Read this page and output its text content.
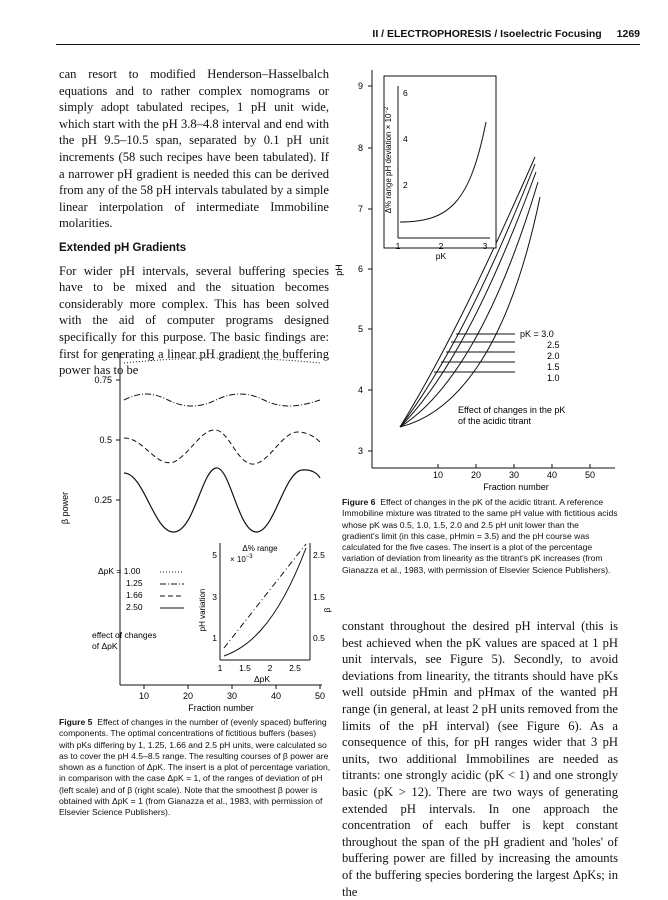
II / ELECTROPHORESIS / Isoelectric Focusing 1269

can resort to modified Henderson–Hasselbalch equations and to rather complex nomograms or simply adopt tabulated recipes, 1 pH unit wide, which start with the pH 3.8–4.8 interval and end with the pH 9.5–10.5 span, separated by 0.1 pH unit increments (58 such recipes have been tabulated). If a narrower pH gradient is needed this can be derived from any of the 58 pH intervals tabulated by a simple linear interpolation of intermediate Immobiline molarities.

Extended pH Gradients

For wider pH intervals, several buffering species have to be mixed and the situation becomes considerably more complex. This has been solved with the aid of computer programs designed specifically for this purpose. The basic findings are: first for generating a linear pH gradient the buffering power has to be

0.75
0.5
0.25
10	20	30	40	50
Fraction number
β power
ΔpK = 1.00
1.25
1.66
2.50
effect of changes of ΔpK
Δ% range
× $10^{-3}$
5
3
1
2.5
1.5
0.5
1 1.5 2 2.5
ΔpK
pH variation	β
Figure 5 Effect of changes in the number of (evenly spaced) buffering components. The optimal concentrations of fictitious buffers (bases) with pKs differing by 1, 1.25, 1.66 and 2.5 pH units, were calculated so as to cover the pH 4.5–8.5 range. The resulting courses of β power are shown as a function of ΔpK. The insert is a plot of percentage variation, in comparison with the case ΔpK = 1, of the ranges of deviation of pH (left scale) and of β (right scale). Note that the smoothest β power is obtained with ΔpK = 1 (from Gianazza et al., 1983, with permission of Elsevier Science Publishers).
9
8
7
6
5
4
3
10	20	30	40	50
Fraction number
pH
pK = 3.0
2.5
2.0
1.5
1.0
Effect of changes in the pK
of the acidic titrant
6
4
2
1	2	3
pK
Δ% range pH deviation × $10^{-2}$
Figure 6 Effect of changes in the pK of the acidic titrant. A reference Immobiline mixture was titrated to the same pH value with fictitious acids whose pK was 0.5, 1.0, 1.5, 2.0 and 2.5 pH unit lower than the gradient's limit (in this case, pHmin = 3.5) and the pH course was calculated for the five cases. The insert is a plot of the percentage variation of deviation from linearity as the titrant's pK increases (from Gianazza et al., 1983, with permission of Elsevier Science Publishers).

constant throughout the desired pH interval (this is best achieved when the pK values are spaced at 1 pH unit intervals, see Figure 5). Secondly, to avoid deviations from linearity, the titrants should have pKs well outside pHmin and pHmax of the wanted pH range (in general, at least 2 pH units removed from the limits of the pH interval) (see Figure 6). As a consequence of this, for pH ranges wider that 3 pH units, two additional Immobilines are needed as titrants: one strongly acidic (pK < 1) and one strongly basic (pK > 12). There are two ways of generating extended pH intervals. In one approach the concentration of each buffer is kept constant throughout the span of the pH gradient and 'holes' of buffering power are filled by increasing the amounts of the buffering species bordering the largest ΔpKs; in the
